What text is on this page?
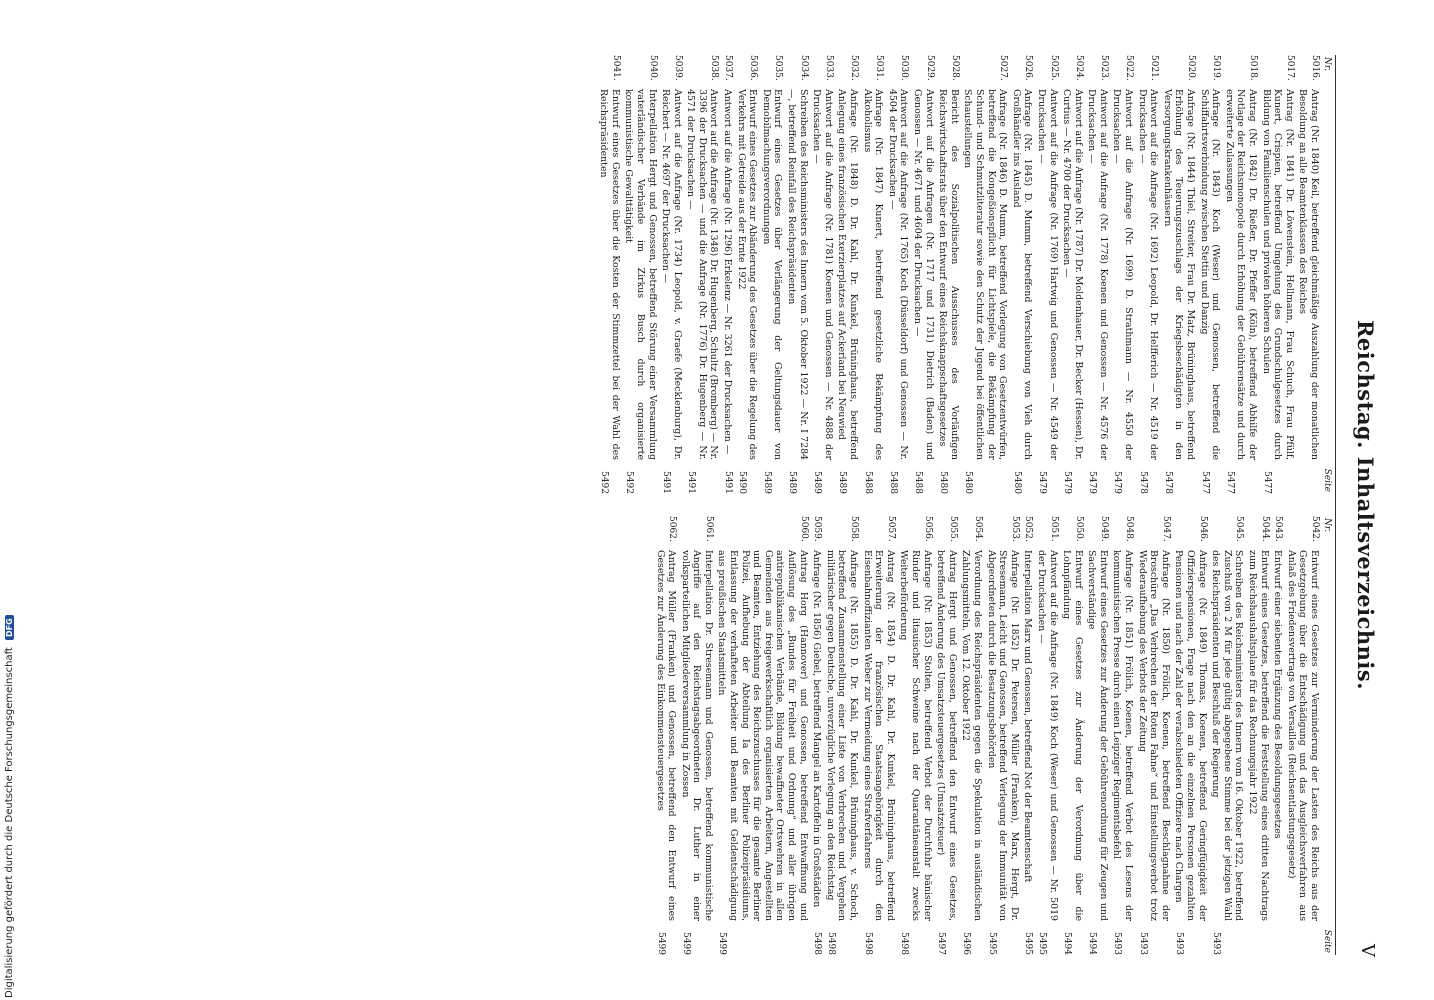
Reichstag. Inhaltsverzeichnis.
V
Nr.
Seite
5016.
Antrag (Nr. 1840) Keil, betreffend gleichmäßige Auszahlung der monatlichen Besoldung an alle Beamtenklassen des Reiches
5017.
Antrag (Nr. 1841) Dr. Löwenstein, Hellmann, Frau Schuch, Frau Pfülf, Kunert, Crispien, betreffend Umgehung des Grundschulgesetzes durch Bildung von Familienschulen und privaten höheren Schulen
5477
5018.
Antrag (Nr. 1842) Dr. Rießer, Dr. Pfeffer (Köln), betreffend Abhilfe der Notlage der Reichsmonopole durch Erhöhung der Gebührensätze und durch erweiterte Zulassungen
5477
5019.
Anfrage (Nr. 1843) Koch (Weser) und Genossen, betreffend die Schiffahrtsverbindung zwischen Stettin und Danzig
5477
5020.
Anfrage (Nr. 1844) Thiel, Streiter, Frau Dr. Matz, Brüninghaus, betreffend Erhöhung des Teuerungszuschlags der Kriegsbeschädigten in den Versorgungskrankenhäusern
5478
5021.
Antwort auf die Anfrage (Nr. 1692) Leopold, Dr. Helfferich — Nr. 4519 der Drucksachen —
5478
5022.
Antwort auf die Anfrage (Nr. 1699) D. Strathmann — Nr. 4550 der Drucksachen —
5479
5023.
Antwort auf die Anfrage (Nr. 1778) Koenen und Genossen — Nr. 4576 der Drucksachen —
5479
5024.
Antwort auf die Anfrage (Nr. 1787) Dr. Moldenhauer, Dr. Becker (Hessen), Dr. Curtius — Nr. 4700 der Drucksachen —
5479
5025.
Antwort auf die Anfrage (Nr. 1769) Hartwig und Genossen — Nr. 4549 der Drucksachen —
5479
5026.
Anfrage (Nr. 1845) D. Mumm, betreffend Verschiebung von Vieh durch Großhändler ins Ausland
5480
5027.
Anfrage (Nr. 1846) D. Mumm, betreffend Vorlegung von Gesetzentwürfen, betreffend die Kongeßionspflicht für Lichtspiele, die Bekämpfung der Schund- und Schmutzliteratur sowie den Schutz der Jugend bei öffentlichen Schaustellungen
5480
5028.
Bericht des Sozialpolitischen Ausschusses des Vorläufigen Reichswirtschaftsrats über den Entwurf eines Reichsknappschaftsgesetzes
5480
5029.
Antwort auf die Anfragen (Nr. 1717 und 1731) Dietrich (Baden) und Genossen — Nr. 4671 und 4604 der Drucksachen —
5488
5030.
Antwort auf die Anfrage (Nr. 1765) Koch (Düsseldorf) und Genossen — Nr. 4504 der Drucksachen —
5488
5031.
Anfrage (Nr. 1847) Kunert, betreffend gesetzliche Bekämpfung des Alkoholismus
5488
5032.
Anfrage (Nr. 1848) D. Dr. Kahl, Dr. Kunkel, Brüninghaus, betreffend Anlegung eines französischen Exerzierplatzes auf Ackerland bei Neuwied
5489
5033.
Antwort auf die Anfrage (Nr. 1781) Koenen und Genossen — Nr. 4888 der Drucksachen —
5489
5034.
Schreiben des Reichsministers des Innern vom 5. Oktober 1922 — Nr. I 7284 —, betreffend Reinfall des Reichspräsidenten
5489
5035.
Entwurf eines Gesetzes über Verlängerung der Geltungsdauer von Demobilmachungsverordnungen
5489
5036.
Entwurf eines Gesetzes zur Abänderung des Gesetzes über die Regelung des Verkehrs mit Getreide aus der Ernte 1922
5490
5037.
Antwort auf die Anfrage (Nr. 1296) Erkelenz — Nr. 3261 der Drucksachen —
5491
5038.
Antwort auf die Anfrage (Nr. 1348) Dr. Hugenberg, Schultz (Bromberg) — Nr. 3396 der Drucksachen — und die Anfrage (Nr. 1776) Dr. Hugenberg — Nr. 4571 der Drucksachen —
5491
5039.
Antwort auf die Anfrage (Nr. 1734) Leopold, v. Graefe (Mecklenburg), Dr. Reichert — Nr. 4697 der Drucksachen —
5491
5040.
Interpellation Hergt und Genossen, betreffend Störung einer Versammlung vaterländischer Verbände im Zirkus Busch durch organisierte kommunistische Gewalttätigkeit
5492
5041.
Entwurf eines Gesetzes über die Kosten der Stimmzettel bei der Wahl des Reichspräsidenten
5492
Nr.
Seite
5042.
Entwurf eines Gesetzes zur Verminderung der Lasten des Reichs aus der Gesetzgebung über die Entschädigung und das Ausgleichsverfahren aus Anlaß des Friedensvertrags von Versailles (Reichsentlastungsgesetz)
5043.
Entwurf einer siebenten Ergänzung des Besoldungsgesetzes
5044.
Entwurf eines Gesetzes, betreffend die Feststellung eines dritten Nachtrags zum Reichshaushaltsplane für das Rechnungsjahr 1922
5045.
Schreiben des Reichsministers des Innern vom 16. Oktober 1922, betreffend Zuschuß von 2 M für jede gültig abgegebene Stimme bei der jetzigen Wahl des Reichspräsidenten und Beschluß der Regierung
5493
5046.
Anfrage (Nr. 1849) Thomas, Koenen, betreffend Geringfügigkeit der Offizierspensionen, Frage nach den an die einzelnen Personen gezahlten Pensionen und nach der Zahl der verabschiedeten Offiziere nach Chargen
5493
5047.
Anfrage (Nr. 1850) Frölich, Koenen, betreffend Beschlagnahme der Broschüre „Das Verbrechen der Roten Fahne“ und Einstellungsverbot trotz Wiederaufhebung des Verbots der Zeitung
5493
5048.
Anfrage (Nr. 1851) Frölich, Koenen, betreffend Verbot des Lesens der kommunistischen Presse durch einen Leipziger Regimentsbefehl
5493
5049.
Entwurf eines Gesetzes zur Änderung der Gebührenordnung für Zeugen und Sachverständige
5494
5050.
Entwurf eines Gesetzes zur Änderung der Verordnung über die Lohnpfändung
5494
5051.
Antwort auf die Anfrage (Nr. 1849) Koch (Weser) und Genossen — Nr. 5019 der Drucksachen —
5495
5052.
Interpellation Marx und Genossen, betreffend Not der Beamtenschaft
5495
5053.
Anfrage (Nr. 1852) Dr. Petersen, Müller (Franken), Marx, Hergt, Dr. Stresemann, Leicht und Genossen, betreffend Verlegung der Immunität von Abgeordneten durch die Besatzungsbehörden
5495
5054.
Verordnung des Reichspräsidenten gegen die Spekulation in ausländischen Zahlungsmitteln. Vom 12. Oktober 1922
5496
5055.
Antrag Hergt und Genossen, betreffend den Entwurf eines Gesetzes, betreffend Änderung des Umsatzsteuergesetzes (Umsatzsteuer)
5497
5056.
Anfrage (Nr. 1853) Stolten, betreffend Verbot der Durchfuhr bänischer Rinder und litauischer Schweine nach der Quarantäneanstalt zwecks Weiterbeförderung
5498
5057.
Antrag (Nr. 1854) D. Dr. Kahl, Dr. Kunkel, Brüninghaus, betreffend Erweiterung der französischen Staatsangehörigkeit durch den Eisenbahnoffizianten Weber zur Vermeidung eines Strafverfahrens
5498
5058.
Anfrage (Nr. 1855) D. Dr. Kahl, Dr. Kunkel, Brüninghaus, v. Schoch, betreffend Zusammenstellung einer Liste von Verbrechen und Vergehen militärischer gegen Deutsche, unverzügliche Vorlegung an den Reichstag
5498
5059.
Anfrage (Nr. 1856) Giebel, betreffend Mangel an Kartoffeln in Großstädten
5498
5060.
Antrag Horg (Hannover) und Genossen, betreffend Entwaffnung und Auflösung des „Bundes für Freiheit und Ordnung“ und aller übrigen antirepublikanischen Verbände, Bildung bewaffneter Ortswehren in allen Gemeinden aus freigewerkschaftlich organisierten Arbeitern, Angestellten und Beamten, Entziehung des Reichszuschusses für die gesamte Berliner Polizei, Aufhebung der Abteilung Ia des Berliner Polizeipräsidiums, Entlassung der verhafteten Arbeiter und Beamten mit Geldentschädigung aus preußischen Staatsmitteln
5499
5061.
Interpellation Dr. Stresemann und Genossen, betreffend kommunistische Angriffe auf den Reichstagsabgeordneten Dr. Luther in einer volksparteilichen Mitgliederversammlung in Zossen
5499
5062.
Antrag Müller (Franken) und Genossen, betreffend den Entwurf eines Gesetzes zur Änderung des Einkommensteuergesetzes
5499
Digitalisierung gefördert durch die Deutsche Forschungsgemeinschaft DFG
